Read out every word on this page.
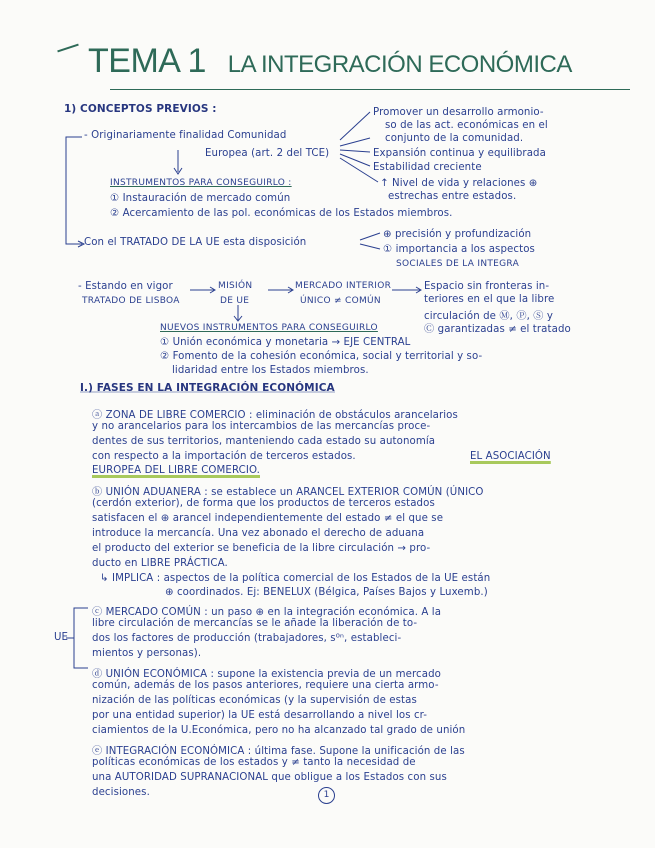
TEMA 1 LA INTEGRACIÓN ECONÓMICA
1) CONCEPTOS PREVIOS :
- Originariamente finalidad Comunidad
Europea (art. 2 del TCE)
INSTRUMENTOS PARA CONSEGUIRLO :
① Instauración de mercado común
② Acercamiento de las pol. económicas de los Estados miembros.
Con el TRATADO DE LA UE esta disposición
Promover un desarrollo armonio-
so de las act. económicas en el
conjunto de la comunidad.
Expansión continua y equilibrada
Estabilidad creciente
↑ Nivel de vida y relaciones ⊕
estrechas entre estados.
⊕ precisión y profundización
① importancia a los aspectos
SOCIALES DE LA INTEGRA
- Estando en vigor
TRATADO DE LISBOA
MISIÓN
DE UE
MERCADO INTERIOR
ÚNICO ≠ COMÚN
Espacio sin fronteras in-
teriores en el que la libre
circulación de Ⓜ, Ⓟ, Ⓢ y
Ⓒ garantizadas ≠ el tratado
NUEVOS INSTRUMENTOS PARA CONSEGUIRLO
① Unión económica y monetaria → EJE CENTRAL
② Fomento de la cohesión económica, social y territorial y so-
lidaridad entre los Estados miembros.
I.) FASES EN LA INTEGRACIÓN ECONÓMICA
ⓐ ZONA DE LIBRE COMERCIO : eliminación de obstáculos arancelarios
y no arancelarios para los intercambios de las mercancías proce-
dentes de sus territorios, manteniendo cada estado su autonomía
con respecto a la importación de terceros estados.	EL ASOCIACIÓN
EUROPEA DEL LIBRE COMERCIO.
ⓑ UNIÓN ADUANERA : se establece un ARANCEL EXTERIOR COMÚN (ÚNICO
(cerdón exterior), de forma que los productos de terceros estados
satisfacen el ⊕ arancel independientemente del estado ≠ el que se
introduce la mercancía. Una vez abonado el derecho de aduana
el producto del exterior se beneficia de la libre circulación → pro-
ducto en LIBRE PRÁCTICA.
↳ IMPLICA : aspectos de la política comercial de los Estados de la UE están
⊕ coordinados. Ej: BENELUX (Bélgica, Países Bajos y Luxemb.)
UE
ⓒ MERCADO COMÚN : un paso ⊕ en la integración económica. A la
libre circulación de mercancías se le añade la liberación de to-
dos los factores de producción (trabajadores, s⁰ⁿ, estableci-
mientos y personas).
ⓓ UNIÓN ECONÓMICA : supone la existencia previa de un mercado
común, además de los pasos anteriores, requiere una cierta armo-
nización de las políticas económicas (y la supervisión de estas
por una entidad superior) la UE está desarrollando a nivel los cr-
ciamientos de la U.Económica, pero no ha alcanzado tal grado de unión
ⓔ INTEGRACIÓN ECONÓMICA : última fase. Supone la unificación de las
políticas económicas de los estados y ≠ tanto la necesidad de
una AUTORIDAD SUPRANACIONAL que obligue a los Estados con sus
decisiones.	1
